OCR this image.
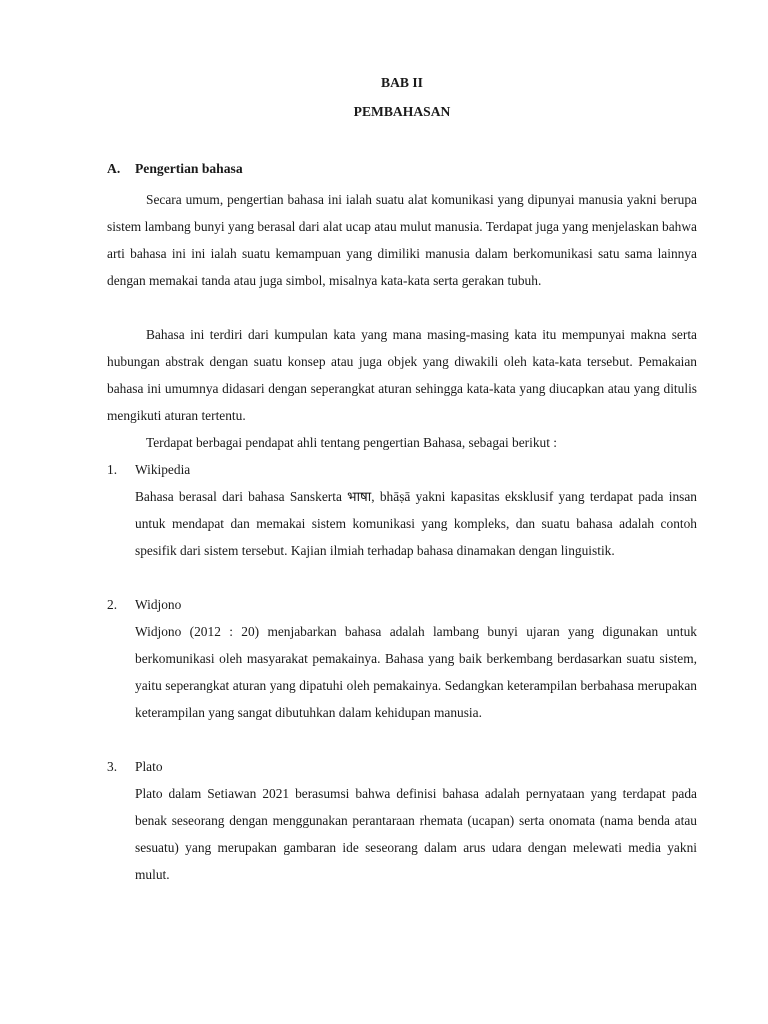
BAB II
PEMBAHASAN
A. Pengertian bahasa

Secara umum, pengertian bahasa ini ialah suatu alat komunikasi yang dipunyai manusia yakni berupa sistem lambang bunyi yang berasal dari alat ucap atau mulut manusia. Terdapat juga yang menjelaskan bahwa arti bahasa ini ini ialah suatu kemampuan yang dimiliki manusia dalam berkomunikasi satu sama lainnya dengan memakai tanda atau juga simbol, misalnya kata-kata serta gerakan tubuh.

Bahasa ini terdiri dari kumpulan kata yang mana masing-masing kata itu mempunyai makna serta hubungan abstrak dengan suatu konsep atau juga objek yang diwakili oleh kata-kata tersebut. Pemakaian bahasa ini umumnya didasari dengan seperangkat aturan sehingga kata-kata yang diucapkan atau yang ditulis mengikuti aturan tertentu.

Terdapat berbagai pendapat ahli tentang pengertian Bahasa, sebagai berikut :

1. Wikipedia

Bahasa berasal dari bahasa Sanskerta भाषा, bhāṣā yakni kapasitas eksklusif yang terdapat pada insan untuk mendapat dan memakai sistem komunikasi yang kompleks, dan suatu bahasa adalah contoh spesifik dari sistem tersebut. Kajian ilmiah terhadap bahasa dinamakan dengan linguistik.

2. Widjono

Widjono (2012 : 20) menjabarkan bahasa adalah lambang bunyi ujaran yang digunakan untuk berkomunikasi oleh masyarakat pemakainya. Bahasa yang baik berkembang berdasarkan suatu sistem, yaitu seperangkat aturan yang dipatuhi oleh pemakainya. Sedangkan keterampilan berbahasa merupakan keterampilan yang sangat dibutuhkan dalam kehidupan manusia.

3. Plato

Plato dalam Setiawan 2021 berasumsi bahwa definisi bahasa adalah pernyataan yang terdapat pada benak seseorang dengan menggunakan perantaraan rhemata (ucapan) serta onomata (nama benda atau sesuatu) yang merupakan gambaran ide seseorang dalam arus udara dengan melewati media yakni mulut.
